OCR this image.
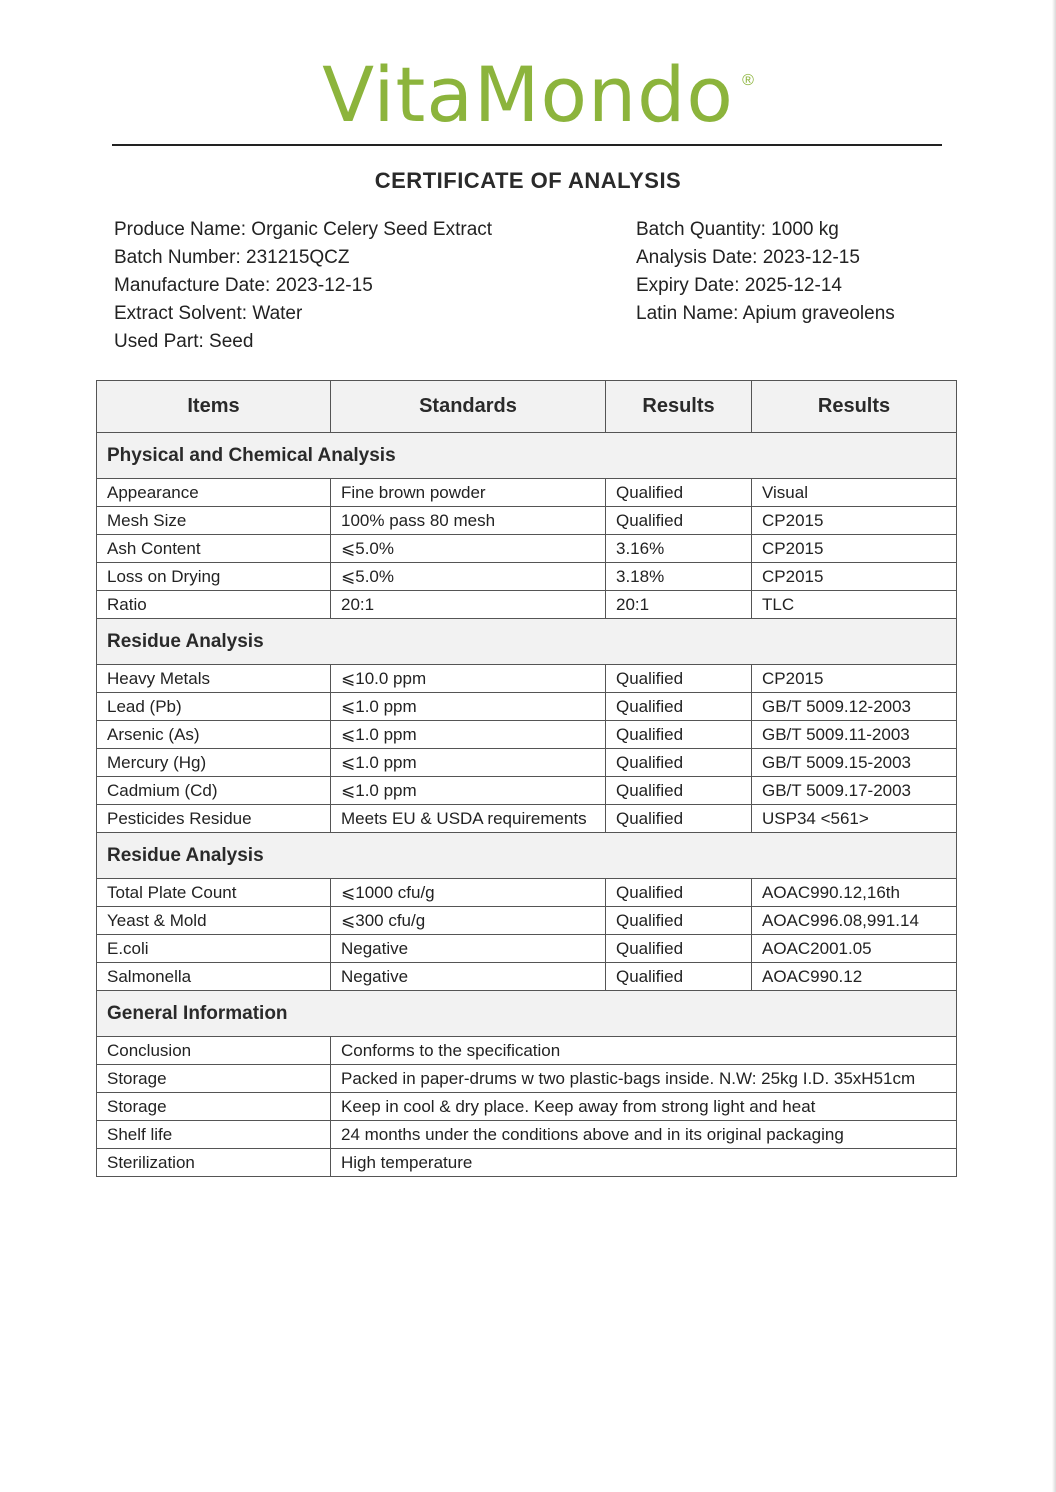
VitaMondo ®
CERTIFICATE OF ANALYSIS
Produce Name: Organic Celery Seed Extract
Batch Number: 231215QCZ
Manufacture Date: 2023-12-15
Extract Solvent: Water
Used Part: Seed
Batch Quantity: 1000 kg
Analysis Date: 2023-12-15
Expiry Date: 2025-12-14
Latin Name: Apium graveolens
Items	Standards	Results	Results
Physical and Chemical Analysis			
Appearance	Fine brown powder	Qualified	Visual
Mesh Size	100% pass 80 mesh	Qualified	CP2015
Ash Content	⩽5.0%	3.16%	CP2015
Loss on Drying	⩽5.0%	3.18%	CP2015
Ratio	20:1	20:1	TLC
Residue Analysis			
Heavy Metals	⩽10.0 ppm	Qualified	CP2015
Lead (Pb)	⩽1.0 ppm	Qualified	GB/T 5009.12-2003
Arsenic (As)	⩽1.0 ppm	Qualified	GB/T 5009.11-2003
Mercury (Hg)	⩽1.0 ppm	Qualified	GB/T 5009.15-2003
Cadmium (Cd)	⩽1.0 ppm	Qualified	GB/T 5009.17-2003
Pesticides Residue	Meets EU & USDA requirements	Qualified	USP34 <561>
Residue Analysis			
Total Plate Count	⩽1000 cfu/g	Qualified	AOAC990.12,16th
Yeast & Mold	⩽300 cfu/g	Qualified	AOAC996.08,991.14
E.coli	Negative	Qualified	AOAC2001.05
Salmonella	Negative	Qualified	AOAC990.12
General Information			
Conclusion	Conforms to the specification		
Storage	Packed in paper-drums w two plastic-bags inside. N.W: 25kg I.D. 35xH51cm		
Storage	Keep in cool & dry place. Keep away from strong light and heat		
Shelf life	24 months under the conditions above and in its original packaging		
Sterilization	High temperature		
